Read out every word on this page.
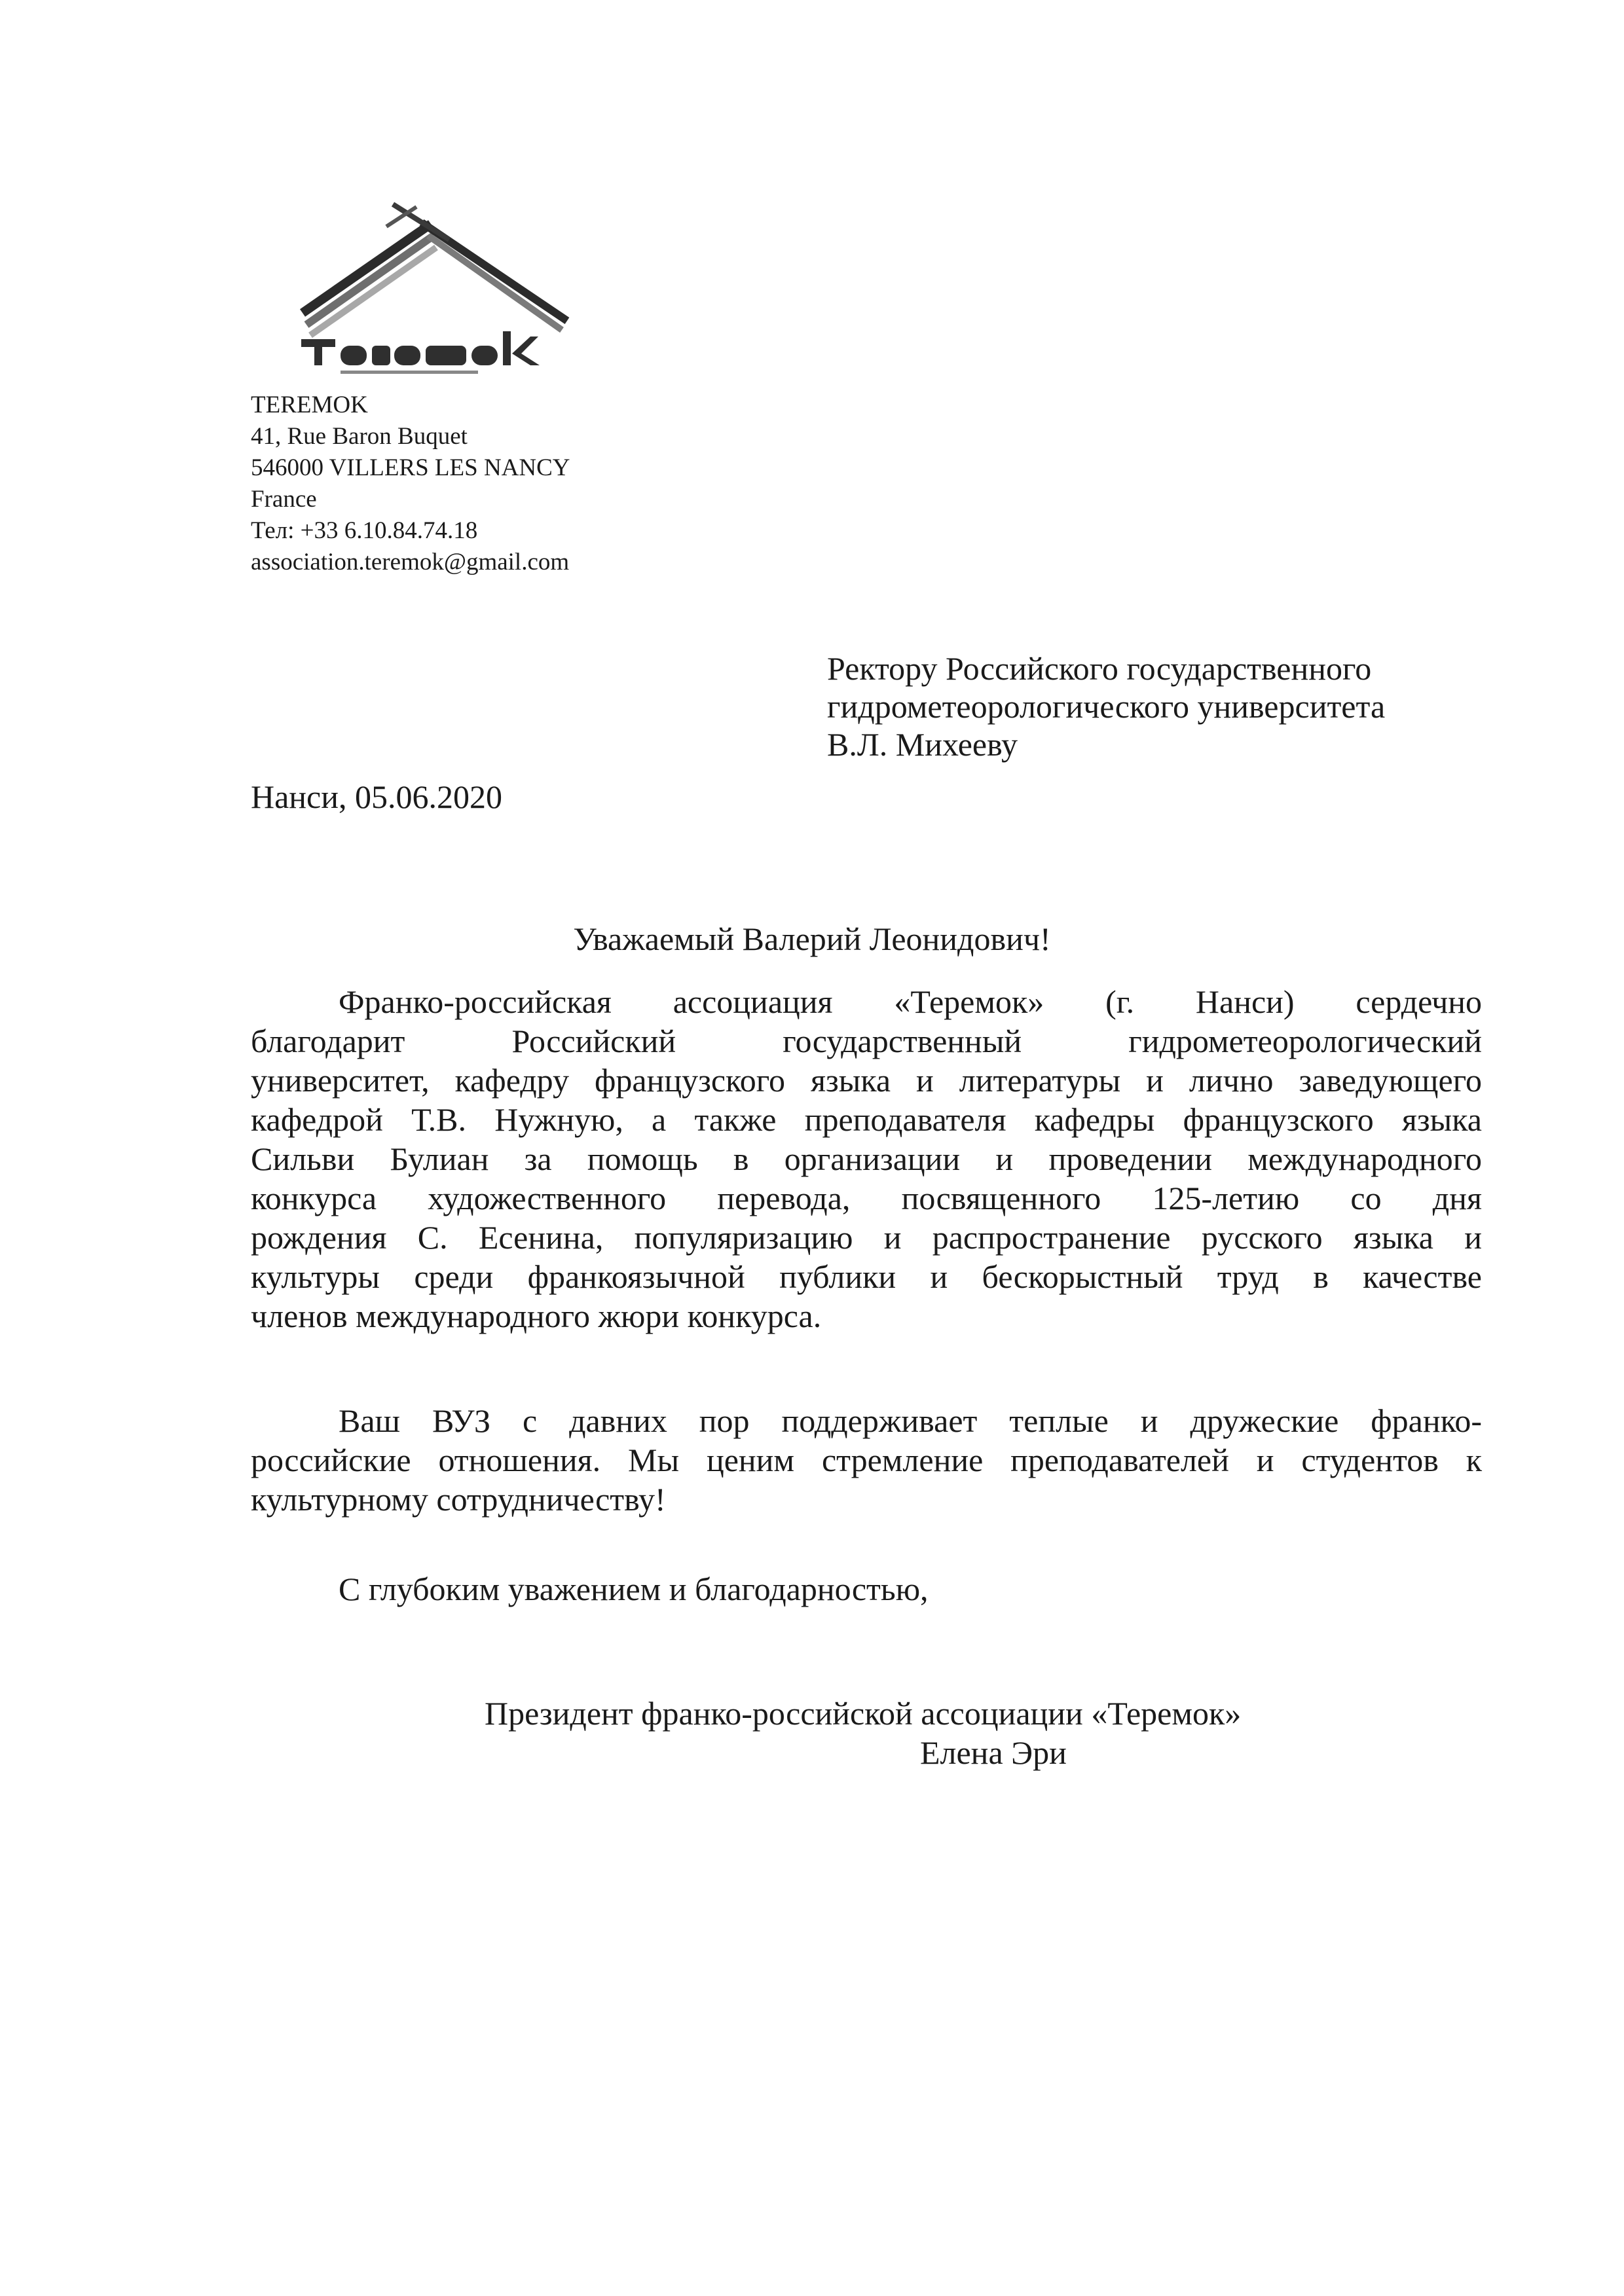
TEREMOK
41, Rue Baron Buquet
546000 VILLERS LES NANCY
France
Тел: +33 6.10.84.74.18
association.teremok@gmail.com
Ректору Российского государственного
гидрометеорологического университета
В.Л. Михееву
Нанси, 05.06.2020
Уважаемый Валерий Леонидович!
Франко-российская ассоциация «Теремок» (г. Нанси) сердечно
благодарит Российский государственный гидрометеорологический
университет, кафедру французского языка и литературы и лично заведующего
кафедрой Т.В. Нужную, а также преподавателя кафедры французского языка
Сильви Булиан за помощь в организации и проведении международного
конкурса художественного перевода, посвященного 125-летию со дня
рождения С. Есенина, популяризацию и распространение русского языка и
культуры среди франкоязычной публики и бескорыстный труд в качестве
членов международного жюри конкурса.
Ваш ВУЗ с давних пор поддерживает теплые и дружеские франко-
российские отношения. Мы ценим стремление преподавателей и студентов к
культурному сотрудничеству!
С глубоким уважением и благодарностью,
Президент франко-российской ассоциации «Теремок»
Елена Эри
